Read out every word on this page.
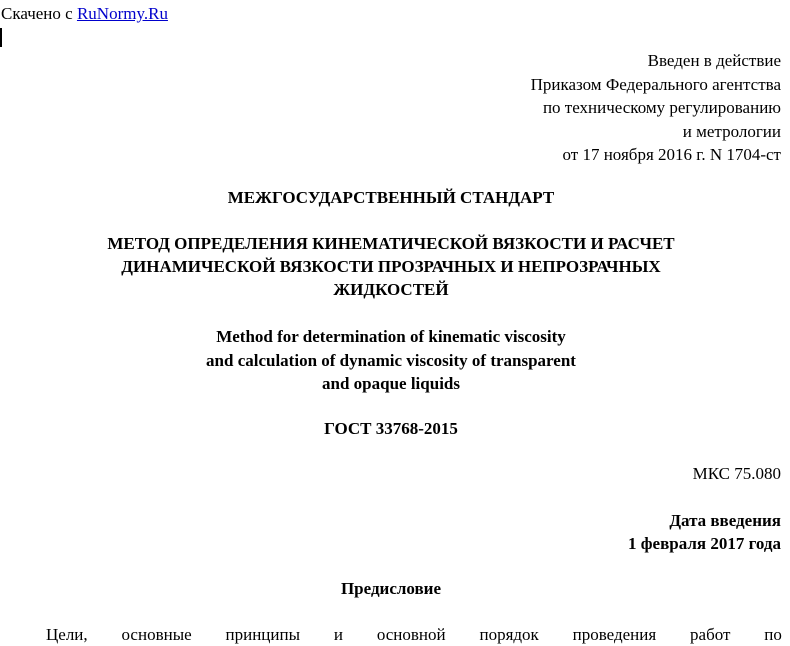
Скачено с RuNormy.Ru
Введен в действие
Приказом Федерального агентства
по техническому регулированию
и метрологии
от 17 ноября 2016 г. N 1704-ст
МЕЖГОСУДАРСТВЕННЫЙ СТАНДАРТ
МЕТОД ОПРЕДЕЛЕНИЯ КИНЕМАТИЧЕСКОЙ ВЯЗКОСТИ И РАСЧЕТ
ДИНАМИЧЕСКОЙ ВЯЗКОСТИ ПРОЗРАЧНЫХ И НЕПРОЗРАЧНЫХ
ЖИДКОСТЕЙ
Method for determination of kinematic viscosity
and calculation of dynamic viscosity of transparent
and opaque liquids
ГОСТ 33768-2015
МКС 75.080
Дата введения
1 февраля 2017 года
Предисловие
Цели, основные принципы и основной порядок проведения работ по
